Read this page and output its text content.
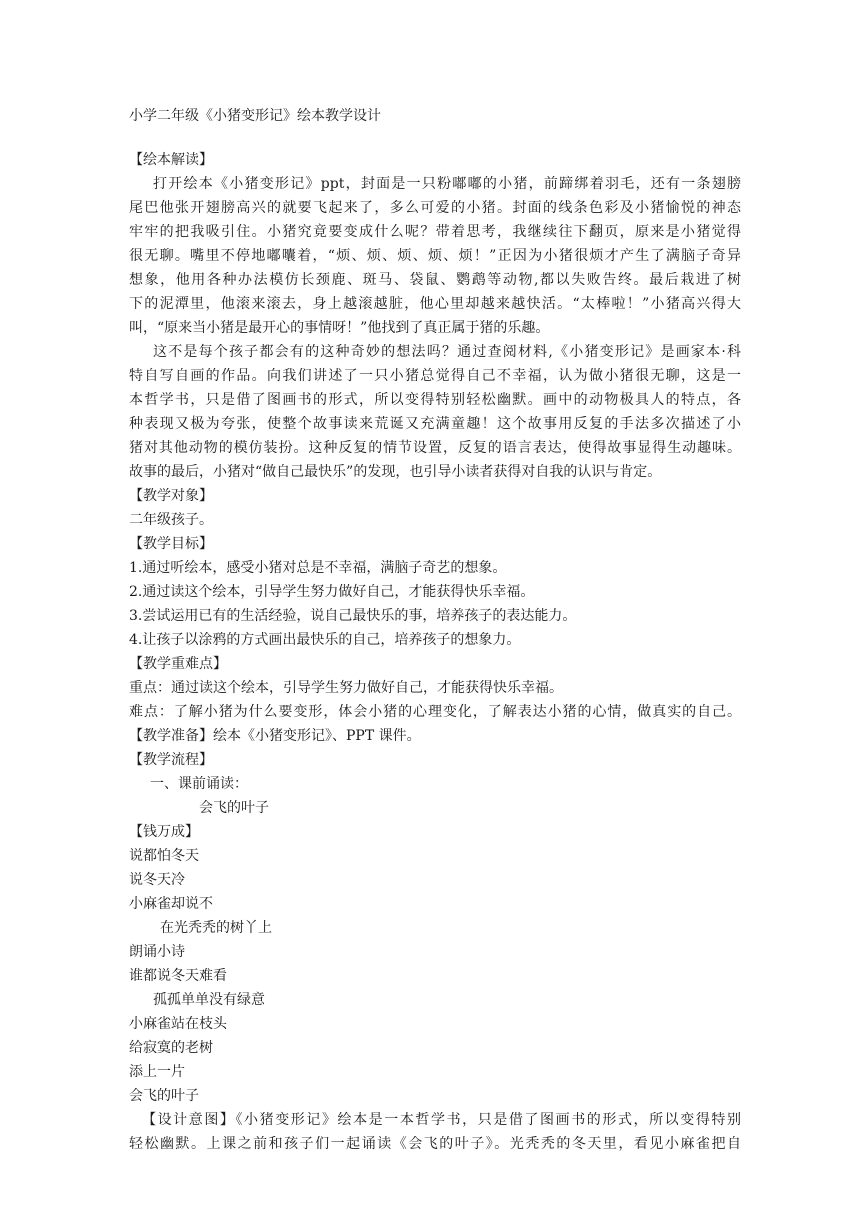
小学二年级《小猪变形记》绘本教学设计
【绘本解读】
打开绘本《小猪变形记》ppt，封面是一只粉嘟嘟的小猪，前蹄绑着羽毛，还有一条翅膀
尾巴他张开翅膀高兴的就要飞起来了，多么可爱的小猪。封面的线条色彩及小猪愉悦的神态
牢牢的把我吸引住。小猪究竟要变成什么呢？带着思考，我继续往下翻页，原来是小猪觉得
很无聊。嘴里不停地嘟囔着，“烦、烦、烦、烦、烦！”正因为小猪很烦才产生了满脑子奇异
想象，他用各种办法模仿长颈鹿、斑马、袋鼠、鹦鹉等动物,都以失败告终。最后栽进了树
下的泥潭里，他滚来滚去，身上越滚越脏，他心里却越来越快活。“太棒啦！”小猪高兴得大
叫，“原来当小猪是最开心的事情呀！”他找到了真正属于猪的乐趣。
这不是每个孩子都会有的这种奇妙的想法吗？通过查阅材料,《小猪变形记》是画家本·科
特自写自画的作品。向我们讲述了一只小猪总觉得自己不幸福，认为做小猪很无聊，这是一
本哲学书，只是借了图画书的形式，所以变得特别轻松幽默。画中的动物极具人的特点，各
种表现又极为夸张，使整个故事读来荒诞又充满童趣！这个故事用反复的手法多次描述了小
猪对其他动物的模仿装扮。这种反复的情节设置，反复的语言表达，使得故事显得生动趣味。
故事的最后，小猪对“做自己最快乐”的发现，也引导小读者获得对自我的认识与肯定。
【教学对象】
二年级孩子。
【教学目标】
1.通过听绘本，感受小猪对总是不幸福，满脑子奇艺的想象。
2.通过读这个绘本，引导学生努力做好自己，才能获得快乐幸福。
3.尝试运用已有的生活经验，说自己最快乐的事，培养孩子的表达能力。
4.让孩子以涂鸦的方式画出最快乐的自己，培养孩子的想象力。
【教学重难点】
重点：通过读这个绘本，引导学生努力做好自己，才能获得快乐幸福。
难点：了解小猪为什么要变形，体会小猪的心理变化，了解表达小猪的心情，做真实的自己。
【教学准备】绘本《小猪变形记》、PPT 课件。
【教学流程】
一、课前诵读：
会飞的叶子
【钱万成】
说都怕冬天
说冬天冷
小麻雀却说不
在光秃秃的树丫上
朗诵小诗
谁都说冬天难看
孤孤单单没有绿意
小麻雀站在枝头
给寂寞的老树
添上一片
会飞的叶子
【设计意图】《小猪变形记》绘本是一本哲学书，只是借了图画书的形式，所以变得特别
轻松幽默。上课之前和孩子们一起诵读《会飞的叶子》。光秃秃的冬天里，看见小麻雀把自
